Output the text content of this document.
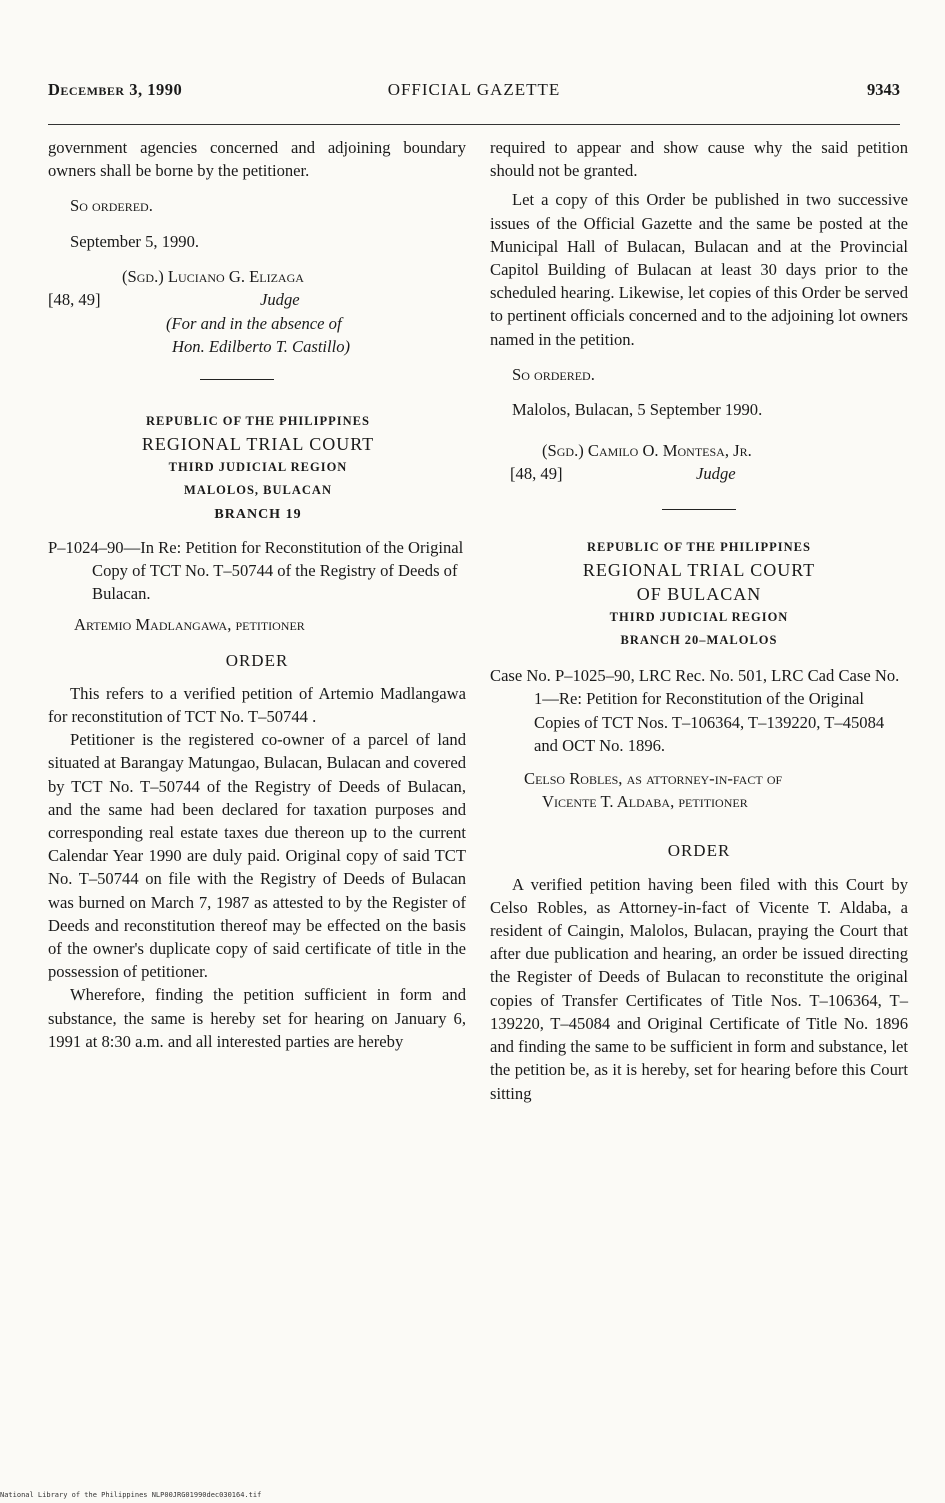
December 3, 1990	OFFICIAL GAZETTE	9343

government agencies concerned and adjoining boundary owners shall be borne by the petitioner.

So ordered.

September 5, 1990.

(Sgd.) Luciano G. Elizaga
[48, 49]	Judge
(For and in the absence of
Hon. Edilberto T. Castillo)
REPUBLIC OF THE PHILIPPINES
REGIONAL TRIAL COURT
THIRD JUDICIAL REGION
MALOLOS, BULACAN
BRANCH 19

P–1024–90—In Re: Petition for Reconstitution of the Original Copy of TCT No. T–50744 of the Registry of Deeds of Bulacan.

Artemio Madlangawa, petitioner

ORDER

This refers to a verified petition of Artemio Madlangawa for reconstitution of TCT No. T–50744 .

Petitioner is the registered co-owner of a parcel of land situated at Barangay Matungao, Bulacan, Bulacan and covered by TCT No. T–50744 of the Registry of Deeds of Bulacan, and the same had been declared for taxation purposes and corresponding real estate taxes due thereon up to the current Calendar Year 1990 are duly paid. Original copy of said TCT No. T–50744 on file with the Registry of Deeds of Bulacan was burned on March 7, 1987 as attested to by the Register of Deeds and reconstitution thereof may be effected on the basis of the owner's duplicate copy of said certificate of title in the possession of petitioner.

Wherefore, finding the petition sufficient in form and substance, the same is hereby set for hearing on January 6, 1991 at 8:30 a.m. and all interested parties are hereby

required to appear and show cause why the said petition should not be granted.

Let a copy of this Order be published in two successive issues of the Official Gazette and the same be posted at the Municipal Hall of Bulacan, Bulacan and at the Provincial Capitol Building of Bulacan at least 30 days prior to the scheduled hearing. Likewise, let copies of this Order be served to pertinent officials concerned and to the adjoining lot owners named in the petition.

So ordered.

Malolos, Bulacan, 5 September 1990.

(Sgd.) Camilo O. Montesa, Jr.
[48, 49]	Judge
REPUBLIC OF THE PHILIPPINES
REGIONAL TRIAL COURT
OF BULACAN
THIRD JUDICIAL REGION
BRANCH 20–MALOLOS

Case No. P–1025–90, LRC Rec. No. 501, LRC Cad Case No. 1—Re: Petition for Reconstitution of the Original Copies of TCT Nos. T–106364, T–139220, T–45084 and OCT No. 1896.

Celso Robles, as attorney-in-fact of
Vicente T. Aldaba, petitioner
ORDER

A verified petition having been filed with this Court by Celso Robles, as Attorney-in-fact of Vicente T. Aldaba, a resident of Caingin, Malolos, Bulacan, praying the Court that after due publication and hearing, an order be issued directing the Register of Deeds of Bulacan to reconstitute the original copies of Transfer Certificates of Title Nos. T–106364, T–139220, T–45084 and Original Certificate of Title No. 1896 and finding the same to be sufficient in form and substance, let the petition be, as it is hereby, set for hearing before this Court sitting

National Library of the Philippines NLP00JRG01990dec030164.tif
